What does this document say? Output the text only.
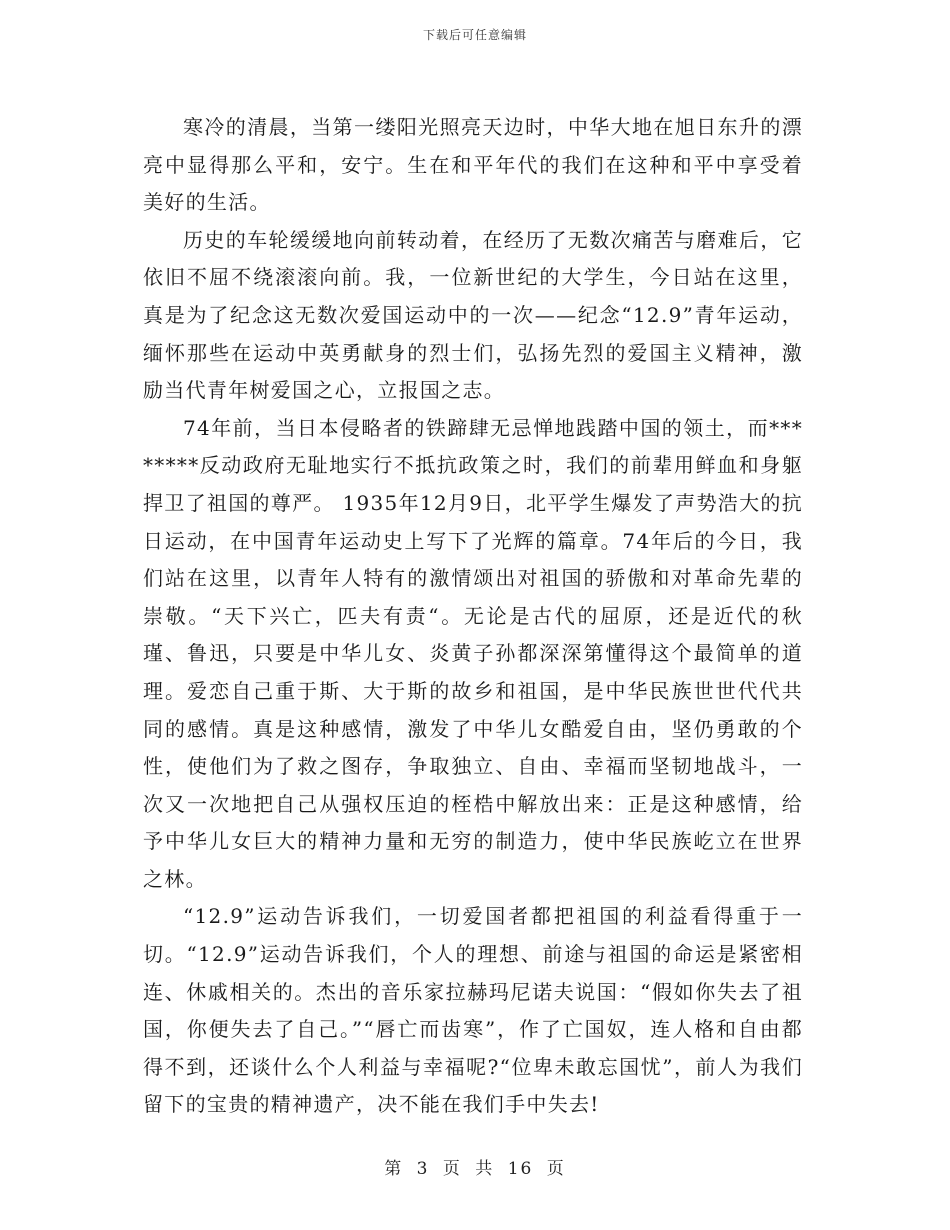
下载后可任意编辑

寒冷的清晨，当第一缕阳光照亮天边时，中华大地在旭日东升的漂亮中显得那么平和，安宁。生在和平年代的我们在这种和平中享受着美好的生活。

历史的车轮缓缓地向前转动着，在经历了无数次痛苦与磨难后，它依旧不屈不绕滚滚向前。我，一位新世纪的大学生，今日站在这里，真是为了纪念这无数次爱国运动中的一次——纪念“12.9”青年运动，缅怀那些在运动中英勇献身的烈士们，弘扬先烈的爱国主义精神，激励当代青年树爱国之心，立报国之志。

74年前，当日本侵略者的铁蹄肆无忌惮地践踏中国的领土，而********反动政府无耻地实行不抵抗政策之时，我们的前辈用鲜血和身躯捍卫了祖国的尊严。 1935年12月9日，北平学生爆发了声势浩大的抗日运动，在中国青年运动史上写下了光辉的篇章。74年后的今日，我们站在这里，以青年人特有的激情颂出对祖国的骄傲和对革命先辈的崇敬。“天下兴亡，匹夫有责“。无论是古代的屈原，还是近代的秋瑾、鲁迅，只要是中华儿女、炎黄子孙都深深第懂得这个最简单的道理。爱恋自己重于斯、大于斯的故乡和祖国，是中华民族世世代代共同的感情。真是这种感情，激发了中华儿女酷爱自由，坚仍勇敢的个性，使他们为了救之图存，争取独立、自由、幸福而坚韧地战斗，一次又一次地把自己从强权压迫的桎梏中解放出来：正是这种感情，给予中华儿女巨大的精神力量和无穷的制造力，使中华民族屹立在世界之林。

“12.9”运动告诉我们，一切爱国者都把祖国的利益看得重于一切。“12.9”运动告诉我们，个人的理想、前途与祖国的命运是紧密相连、休戚相关的。杰出的音乐家拉赫玛尼诺夫说国：“假如你失去了祖国，你便失去了自己。”“唇亡而齿寒”，作了亡国奴，连人格和自由都得不到，还谈什么个人利益与幸福呢?“位卑未敢忘国忧”，前人为我们留下的宝贵的精神遗产，决不能在我们手中失去!

第 3 页 共 16 页
